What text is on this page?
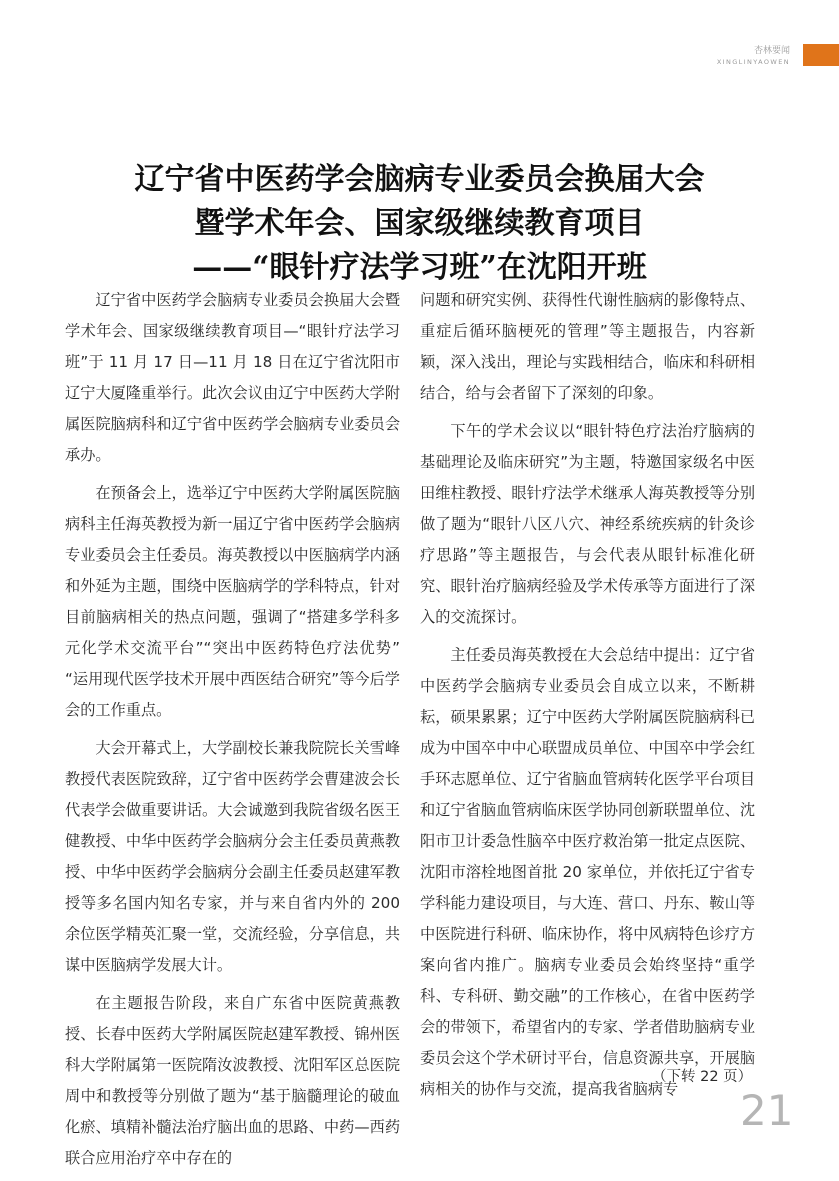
杏林要闻
XINGLINYAOWEN
辽宁省中医药学会脑病专业委员会换届大会
暨学术年会、国家级继续教育项目
——“眼针疗法学习班”在沈阳开班

辽宁省中医药学会脑病专业委员会换届大会暨学术年会、国家级继续教育项目—“眼针疗法学习班”于 11 月 17 日—11 月 18 日在辽宁省沈阳市辽宁大厦隆重举行。此次会议由辽宁中医药大学附属医院脑病科和辽宁省中医药学会脑病专业委员会承办。

在预备会上，选举辽宁中医药大学附属医院脑病科主任海英教授为新一届辽宁省中医药学会脑病专业委员会主任委员。海英教授以中医脑病学内涵和外延为主题，围绕中医脑病学的学科特点，针对目前脑病相关的热点问题，强调了“搭建多学科多元化学术交流平台”“突出中医药特色疗法优势” “运用现代医学技术开展中西医结合研究”等今后学会的工作重点。

大会开幕式上，大学副校长兼我院院长关雪峰教授代表医院致辞，辽宁省中医药学会曹建波会长代表学会做重要讲话。大会诚邀到我院省级名医王健教授、中华中医药学会脑病分会主任委员黄燕教授、中华中医药学会脑病分会副主任委员赵建军教授等多名国内知名专家，并与来自省内外的 200 余位医学精英汇聚一堂，交流经验，分享信息，共谋中医脑病学发展大计。

在主题报告阶段，来自广东省中医院黄燕教授、长春中医药大学附属医院赵建军教授、锦州医科大学附属第一医院隋汝波教授、沈阳军区总医院周中和教授等分别做了题为“基于脑髓理论的破血化瘀、填精补髓法治疗脑出血的思路、中药—西药联合应用治疗卒中存在的

问题和研究实例、获得性代谢性脑病的影像特点、重症后循环脑梗死的管理”等主题报告，内容新颖，深入浅出，理论与实践相结合，临床和科研相结合，给与会者留下了深刻的印象。

下午的学术会议以“眼针特色疗法治疗脑病的基础理论及临床研究”为主题，特邀国家级名中医田维柱教授、眼针疗法学术继承人海英教授等分别做了题为“眼针八区八穴、神经系统疾病的针灸诊疗思路”等主题报告，与会代表从眼针标准化研究、眼针治疗脑病经验及学术传承等方面进行了深入的交流探讨。

主任委员海英教授在大会总结中提出：辽宁省中医药学会脑病专业委员会自成立以来，不断耕耘，硕果累累；辽宁中医药大学附属医院脑病科已成为中国卒中中心联盟成员单位、中国卒中学会红手环志愿单位、辽宁省脑血管病转化医学平台项目和辽宁省脑血管病临床医学协同创新联盟单位、沈阳市卫计委急性脑卒中医疗救治第一批定点医院、沈阳市溶栓地图首批 20 家单位，并依托辽宁省专学科能力建设项目，与大连、营口、丹东、鞍山等中医院进行科研、临床协作，将中风病特色诊疗方案向省内推广。脑病专业委员会始终坚持“重学科、专科研、勤交融”的工作核心，在省中医药学会的带领下，希望省内的专家、学者借助脑病专业委员会这个学术研讨平台，信息资源共享，开展脑病相关的协作与交流，提高我省脑病专

（下转 22 页）
21
